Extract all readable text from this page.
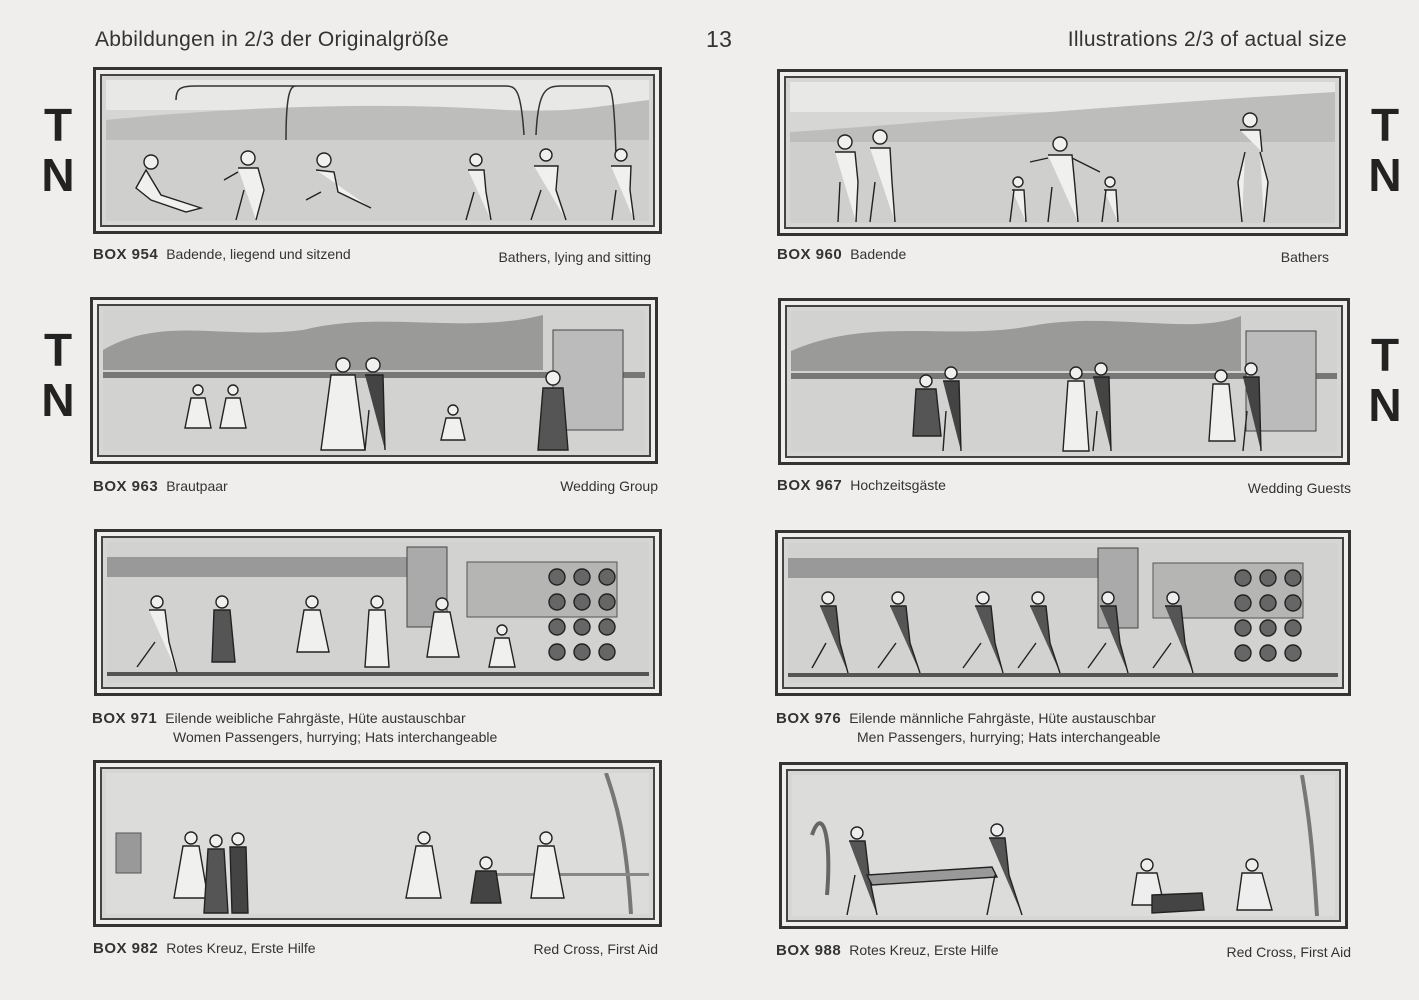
Abbildungen in 2/3 der Originalgröße	13	Illustrations 2/3 of actual size
T
N
T
N
T
N
T
N
BOX 954 Badende, liegend und sitzend	Bathers, lying and sitting	BOX 960 Badende	Bathers
BOX 963 Brautpaar	Wedding Group	BOX 967 Hochzeitsgäste	Wedding Guests
BOX 971 Eilende weibliche Fahrgäste, Hüte austauschbar
Women Passengers, hurrying; Hats interchangeable
BOX 976 Eilende männliche Fahrgäste, Hüte austauschbar
Men Passengers, hurrying; Hats interchangeable
BOX 982 Rotes Kreuz, Erste Hilfe	Red Cross, First Aid	BOX 988 Rotes Kreuz, Erste Hilfe	Red Cross, First Aid
